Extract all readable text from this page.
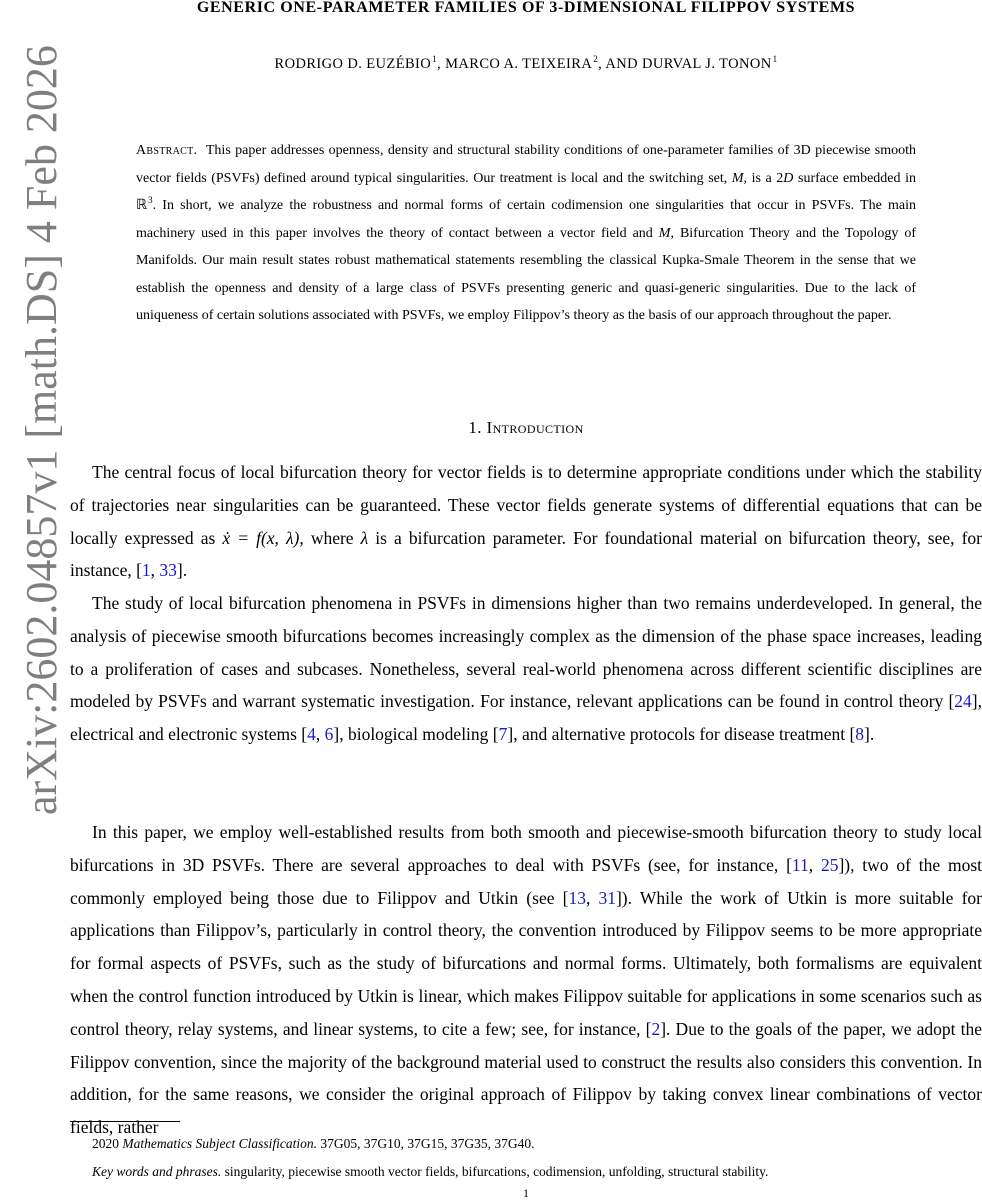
arXiv:2602.04857v1 [math.DS] 4 Feb 2026
GENERIC ONE-PARAMETER FAMILIES OF 3-DIMENSIONAL FILIPPOV SYSTEMS
RODRIGO D. EUZÉBIO$^1$, MARCO A. TEIXEIRA$^2$, AND DURVAL J. TONON$^1$

Abstract. This paper addresses openness, density and structural stability conditions of one-parameter families of 3D piecewise smooth vector fields (PSVFs) defined around typical singularities. Our treatment is local and the switching set, M, is a 2D surface embedded in ℝ$^3$. In short, we analyze the robustness and normal forms of certain codimension one singularities that occur in PSVFs. The main machinery used in this paper involves the theory of contact between a vector field and M, Bifurcation Theory and the Topology of Manifolds. Our main result states robust mathematical statements resembling the classical Kupka-Smale Theorem in the sense that we establish the openness and density of a large class of PSVFs presenting generic and quasi-generic singularities. Due to the lack of uniqueness of certain solutions associated with PSVFs, we employ Filippov’s theory as the basis of our approach throughout the paper.

1. Introduction

The central focus of local bifurcation theory for vector fields is to determine appropriate conditions under which the stability of trajectories near singularities can be guaranteed. These vector fields generate systems of differential equations that can be locally expressed as ẋ = f(x, λ), where λ is a bifurcation parameter. For foundational material on bifurcation theory, see, for instance, [1, 33].

The study of local bifurcation phenomena in PSVFs in dimensions higher than two remains underdeveloped. In general, the analysis of piecewise smooth bifurcations becomes increasingly complex as the dimension of the phase space increases, leading to a proliferation of cases and subcases. Nonetheless, several real-world phenomena across different scientific disciplines are modeled by PSVFs and warrant systematic investigation. For instance, relevant applications can be found in control theory [24], electrical and electronic systems [4, 6], biological modeling [7], and alternative protocols for disease treatment [8].

In this paper, we employ well-established results from both smooth and piecewise-smooth bifurcation theory to study local bifurcations in 3D PSVFs. There are several approaches to deal with PSVFs (see, for instance, [11, 25]), two of the most commonly employed being those due to Filippov and Utkin (see [13, 31]). While the work of Utkin is more suitable for applications than Filippov’s, particularly in control theory, the convention introduced by Filippov seems to be more appropriate for formal aspects of PSVFs, such as the study of bifurcations and normal forms. Ultimately, both formalisms are equivalent when the control function introduced by Utkin is linear, which makes Filippov suitable for applications in some scenarios such as control theory, relay systems, and linear systems, to cite a few; see, for instance, [2]. Due to the goals of the paper, we adopt the Filippov convention, since the majority of the background material used to construct the results also considers this convention. In addition, for the same reasons, we consider the original approach of Filippov by taking convex linear combinations of vector fields, rather

2020 Mathematics Subject Classification. 37G05, 37G10, 37G15, 37G35, 37G40.
Key words and phrases. singularity, piecewise smooth vector fields, bifurcations, codimension, unfolding, structural stability.
1
